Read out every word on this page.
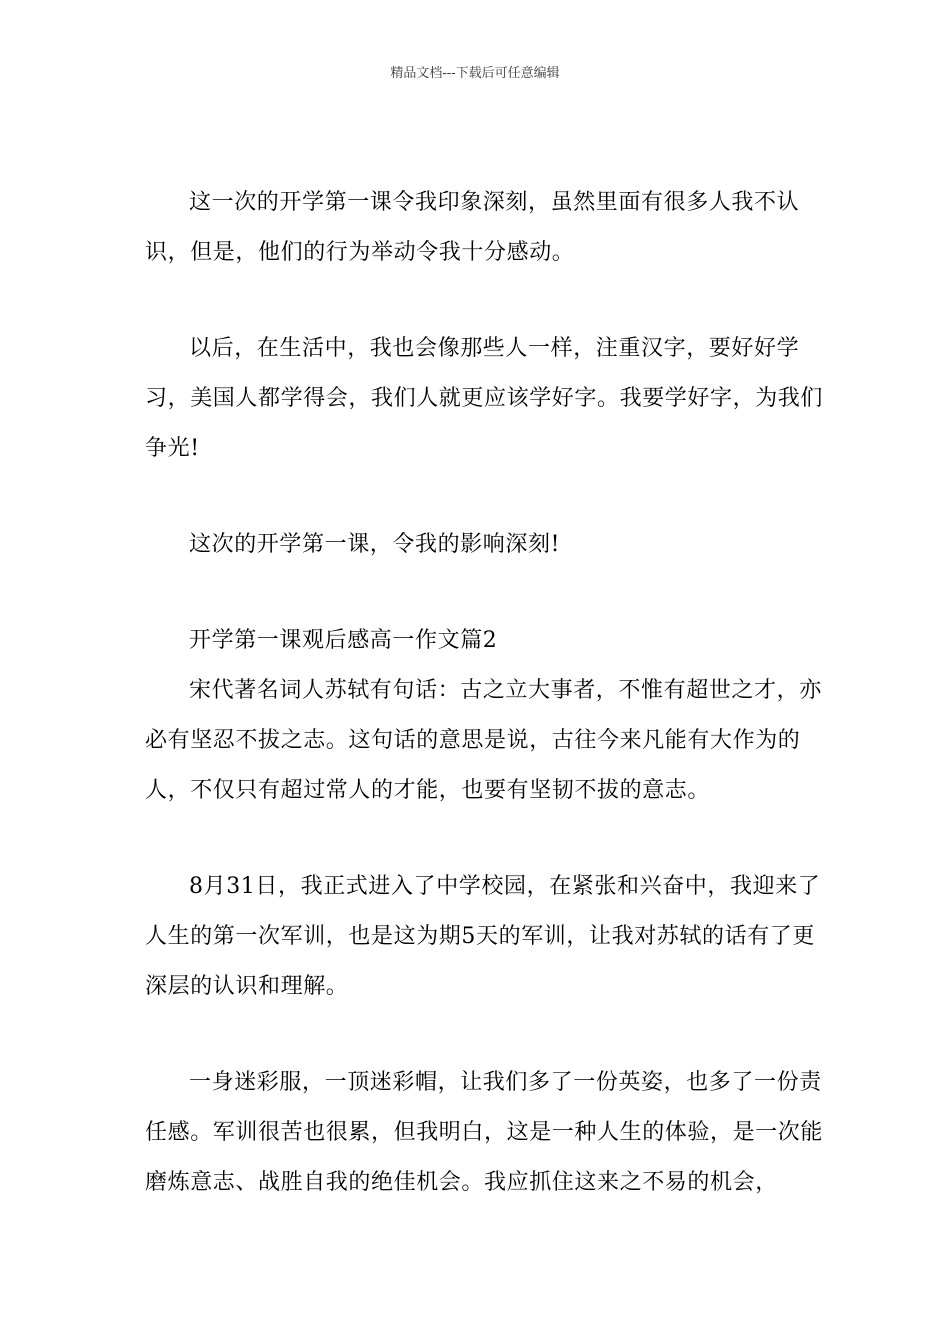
精品文档---下载后可任意编辑

这一次的开学第一课令我印象深刻，虽然里面有很多人我不认识，但是，他们的行为举动令我十分感动。

以后，在生活中，我也会像那些人一样，注重汉字，要好好学习，美国人都学得会，我们人就更应该学好字。我要学好字，为我们争光!

这次的开学第一课，令我的影响深刻!

开学第一课观后感高一作文篇2

宋代著名词人苏轼有句话：古之立大事者，不惟有超世之才，亦必有坚忍不拔之志。这句话的意思是说，古往今来凡能有大作为的人，不仅只有超过常人的才能，也要有坚韧不拔的意志。

8月31日，我正式进入了中学校园，在紧张和兴奋中，我迎来了人生的第一次军训，也是这为期5天的军训，让我对苏轼的话有了更深层的认识和理解。

一身迷彩服，一顶迷彩帽，让我们多了一份英姿，也多了一份责任感。军训很苦也很累，但我明白，这是一种人生的体验，是一次能磨炼意志、战胜自我的绝佳机会。我应抓住这来之不易的机会，
